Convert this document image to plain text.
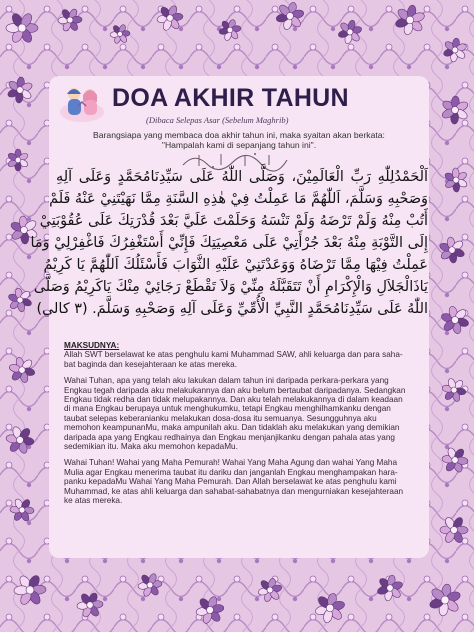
DOA AKHIR TAHUN
(Dibaca Selepas Asar (Sebelum Maghrib)
Barangsiapa yang membaca doa akhir tahun ini, maka syaitan akan berkata:
"Hampalah kami di sepanjang tahun ini".
اَلْحَمْدُلِلّٰهِ رَبِّ الْعَالَمِيْنَ، وَصَلَّى اللّٰهُ عَلَى سَيِّدِنَامُحَمَّدٍ وَعَلَى آلِهِ
وَصَحْبِهِ وَسَلَّمَ، اَللّٰهُمَّ مَا عَمِلْتُ فِيْ هٰذِهِ السَّنَةِ مِمَّا نَهَيْتَنِيْ عَنْهُ فَلَمْ
أَتُبْ مِنْهُ وَلَمْ تَرْضَهُ وَلَمْ تَنْسَهُ وَحَلَمْتَ عَلَيَّ بَعْدَ قُدْرَتِكَ عَلَى عُقُوْبَتِيْ
إِلَى التَّوْبَةِ مِنْهُ بَعْدَ جُرْأَتِيْ عَلَى مَعْصِيَتِكَ فَإِنِّيْ أَسْتَغْفِرُكَ فَاغْفِرْلِيْ وَمَا
عَمِلْتُ فِيْهَا مِمَّا تَرْضَاهُ وَوَعَدْتَنِيْ عَلَيْهِ الثَّوَابَ فَأَسْئَلُكَ اَللّٰهُمَّ يَا كَرِيْمُ
يَاذَالْجَلاَلِ وَالْإِكْرَامِ أَنْ تَتَقَبَّلَهُ مِنِّيْ وَلاَ تَقْطَعْ رَجَائِيْ مِنْكَ يَاكَرِيْمُ وَصَلَّى
اللّٰهُ عَلَى سَيِّدِنَامُحَمَّدٍ النَّبِيِّ الْأُمِّيِّ وَعَلَى آلِهِ وَصَحْبِهِ وَسَلَّمَ. (٣ كالي)
MAKSUDNYA:
Allah SWT berselawat ke atas penghulu kami Muhammad SAW, ahli keluarga dan para saha-
bat baginda dan kesejahteraan ke atas mereka.
Wahai Tuhan, apa yang telah aku lakukan dalam tahun ini daripada perkara-perkara yang
Engkau tegah daripada aku melakukannya dan aku belum bertaubat daripadanya. Sedangkan
Engkau tidak redha dan tidak melupakannya. Dan aku telah melakukannya di dalam keadaan
di mana Engkau berupaya untuk menghukumku, tetapi Engkau menghilhamkanku dengan
taubat selepas keberanianku melakukan dosa-dosa itu semuanya. Sesungguhnya aku
memohon keampunanMu, maka ampunilah aku. Dan tidaklah aku melakukan yang demikian
daripada apa yang Engkau redhainya dan Engkau menjanjikanku dengan pahala atas yang
sedemikian itu. Maka aku memohon kepadaMu.
Wahai Tuhan! Wahai yang Maha Pemurah! Wahai Yang Maha Agung dan wahai Yang Maha
Mulia agar Engkau menerima taubat itu dariku dan janganlah Engkau menghampakan hara-
panku kepadaMu Wahai Yang Maha Pemurah. Dan Allah berselawat ke atas penghulu kami
Muhammad, ke atas ahli keluarga dan sahabat-sahabatnya dan mengurniakan kesejahteraan
ke atas mereka.
